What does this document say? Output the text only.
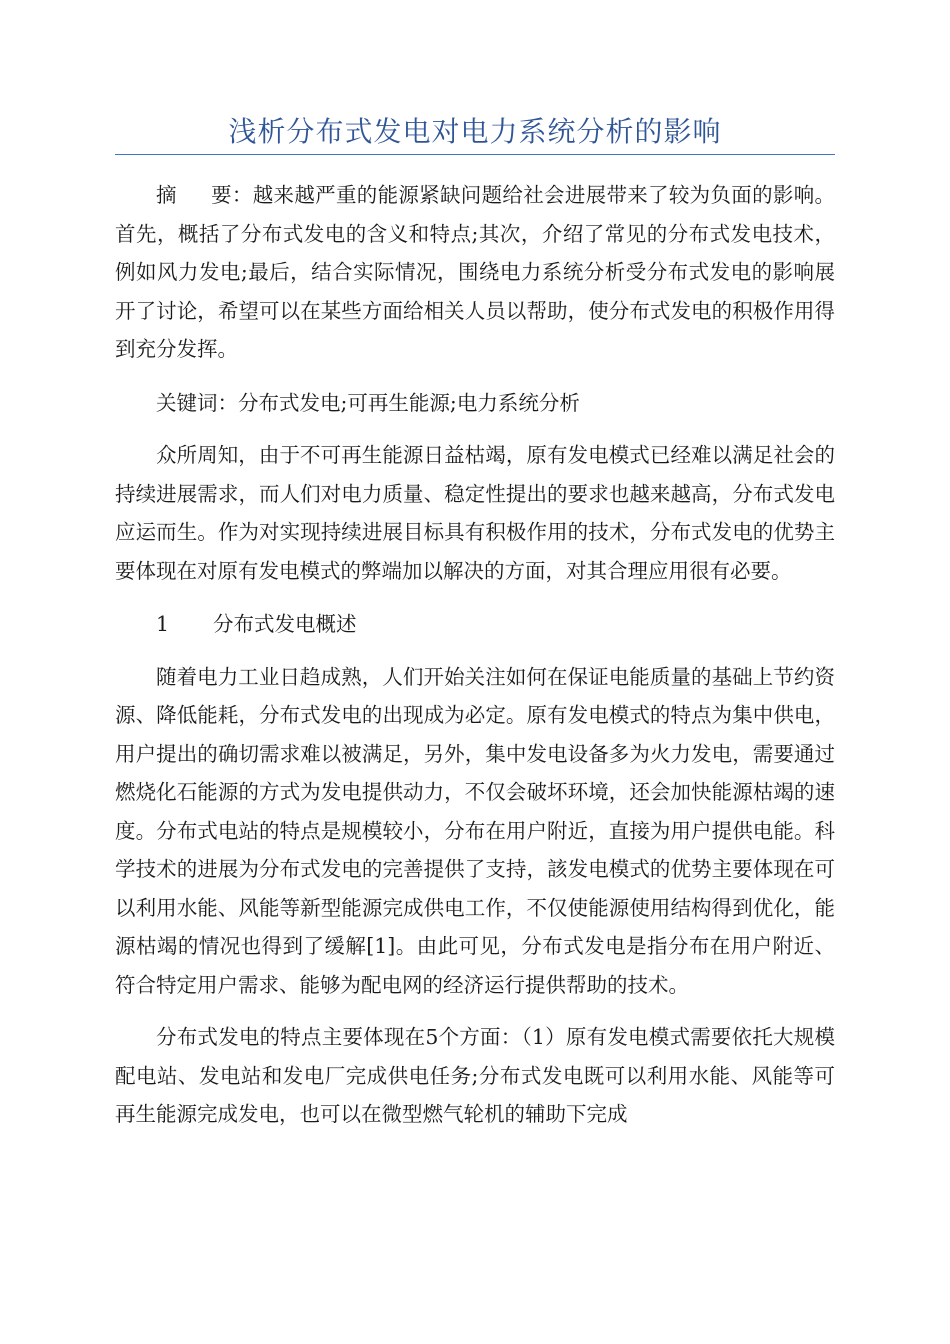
浅析分布式发电对电力系统分析的影响

摘 要：越来越严重的能源紧缺问题给社会进展带来了较为负面的影响。首先，概括了分布式发电的含义和特点;其次，介绍了常见的分布式发电技术，例如风力发电;最后，结合实际情况，围绕电力系统分析受分布式发电的影响展开了讨论，希望可以在某些方面给相关人员以帮助，使分布式发电的积极作用得到充分发挥。

关键词：分布式发电;可再生能源;电力系统分析

众所周知，由于不可再生能源日益枯竭，原有发电模式已经难以满足社会的持续进展需求，而人们对电力质量、稳定性提出的要求也越来越高，分布式发电应运而生。作为对实现持续进展目标具有积极作用的技术，分布式发电的优势主要体现在对原有发电模式的弊端加以解决的方面，对其合理应用很有必要。

1 分布式发电概述

随着电力工业日趋成熟，人们开始关注如何在保证电能质量的基础上节约资源、降低能耗，分布式发电的出现成为必定。原有发电模式的特点为集中供电，用户提出的确切需求难以被满足，另外，集中发电设备多为火力发电，需要通过燃烧化石能源的方式为发电提供动力，不仅会破坏环境，还会加快能源枯竭的速度。分布式电站的特点是规模较小，分布在用户附近，直接为用户提供电能。科学技术的进展为分布式发电的完善提供了支持，該发电模式的优势主要体现在可以利用水能、风能等新型能源完成供电工作，不仅使能源使用结构得到优化，能源枯竭的情况也得到了缓解[1]。由此可见，分布式发电是指分布在用户附近、符合特定用户需求、能够为配电网的经济运行提供帮助的技术。

分布式发电的特点主要体现在5个方面：（1）原有发电模式需要依托大规模配电站、发电站和发电厂完成供电任务;分布式发电既可以利用水能、风能等可再生能源完成发电，也可以在微型燃气轮机的辅助下完成
